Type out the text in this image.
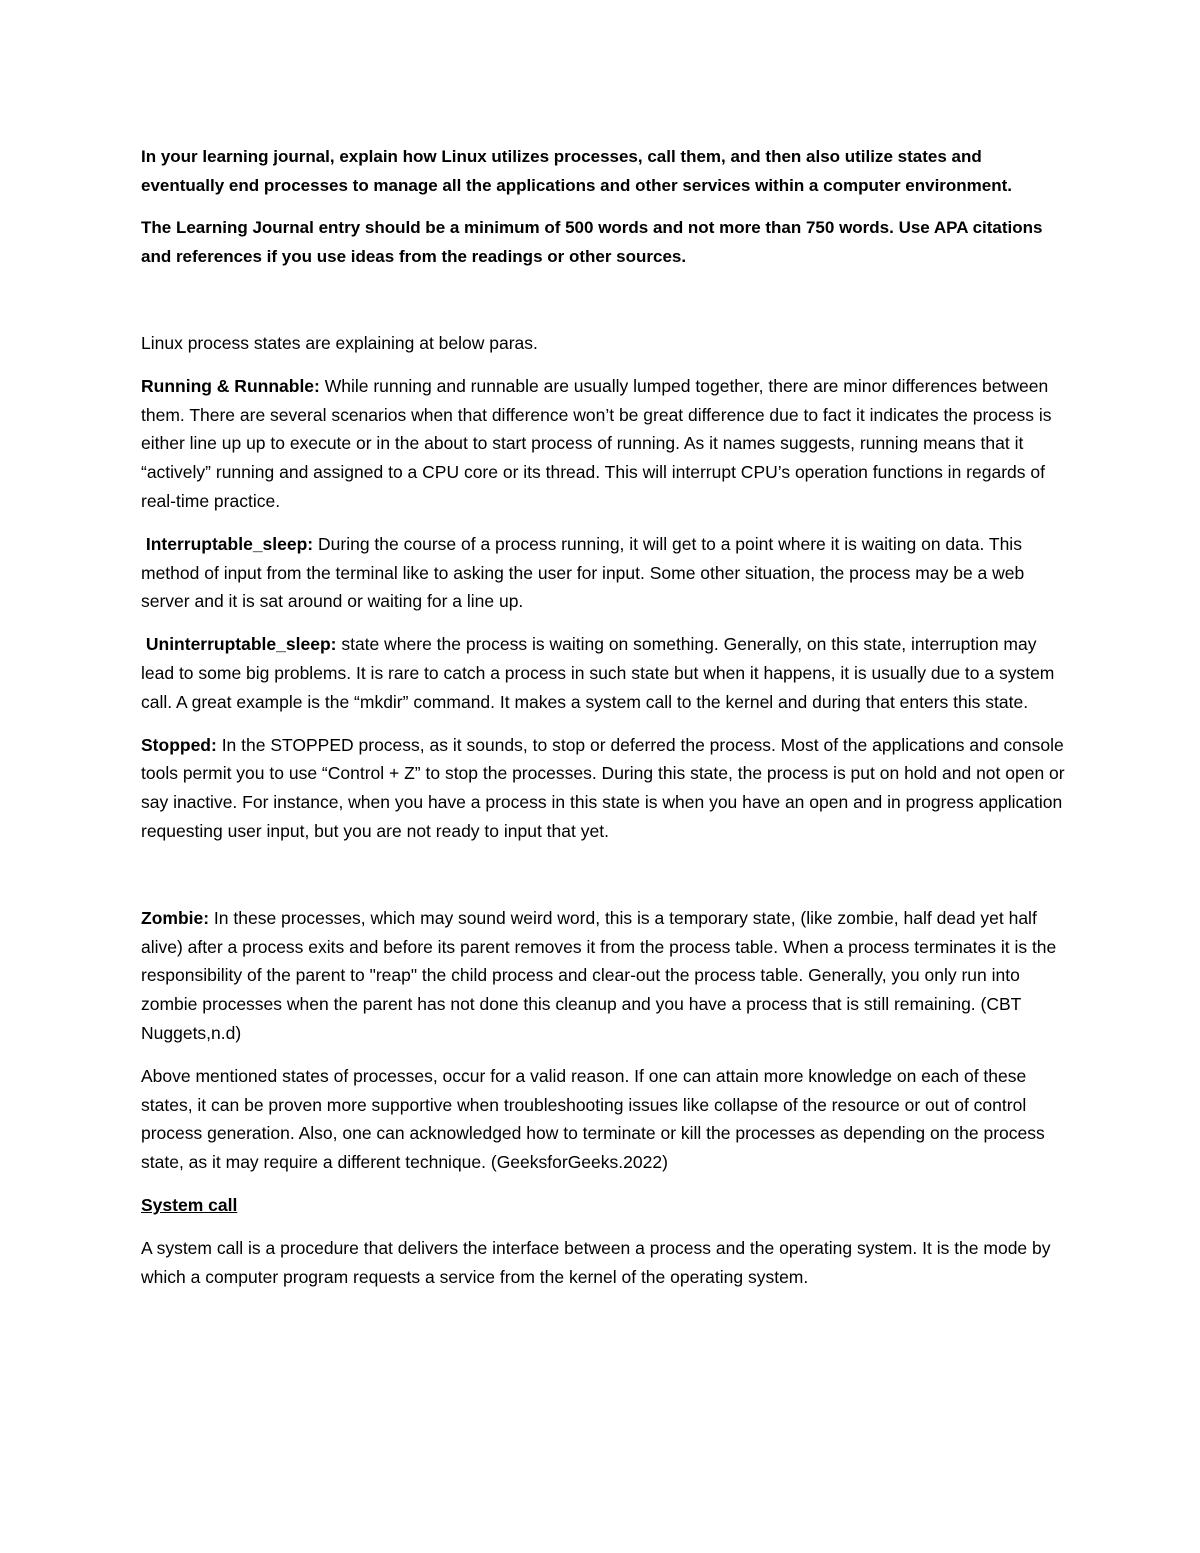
In your learning journal, explain how Linux utilizes processes, call them, and then also utilize states and eventually end processes to manage all the applications and other services within a computer environment.

The Learning Journal entry should be a minimum of 500 words and not more than 750 words. Use APA citations and references if you use ideas from the readings or other sources.

Linux process states are explaining at below paras.

Running & Runnable: While running and runnable are usually lumped together, there are minor differences between them. There are several scenarios when that difference won’t be great difference due to fact it indicates the process is either line up up to execute or in the about to start process of running. As it names suggests, running means that it “actively” running and assigned to a CPU core or its thread. This will interrupt CPU’s operation functions in regards of real-time practice.

Interruptable_sleep: During the course of a process running, it will get to a point where it is waiting on data. This method of input from the terminal like to asking the user for input. Some other situation, the process may be a web server and it is sat around or waiting for a line up.

Uninterruptable_sleep: state where the process is waiting on something. Generally, on this state, interruption may lead to some big problems. It is rare to catch a process in such state but when it happens, it is usually due to a system call. A great example is the “mkdir” command. It makes a system call to the kernel and during that enters this state.

Stopped: In the STOPPED process, as it sounds, to stop or deferred the process. Most of the applications and console tools permit you to use “Control + Z” to stop the processes. During this state, the process is put on hold and not open or say inactive. For instance, when you have a process in this state is when you have an open and in progress application requesting user input, but you are not ready to input that yet.

Zombie: In these processes, which may sound weird word, this is a temporary state, (like zombie, half dead yet half alive) after a process exits and before its parent removes it from the process table. When a process terminates it is the responsibility of the parent to "reap" the child process and clear-out the process table. Generally, you only run into zombie processes when the parent has not done this cleanup and you have a process that is still remaining. (CBT Nuggets,n.d)

Above mentioned states of processes, occur for a valid reason. If one can attain more knowledge on each of these states, it can be proven more supportive when troubleshooting issues like collapse of the resource or out of control process generation. Also, one can acknowledged how to terminate or kill the processes as depending on the process state, as it may require a different technique. (GeeksforGeeks.2022)

System call

A system call is a procedure that delivers the interface between a process and the operating system. It is the mode by which a computer program requests a service from the kernel of the operating system.
